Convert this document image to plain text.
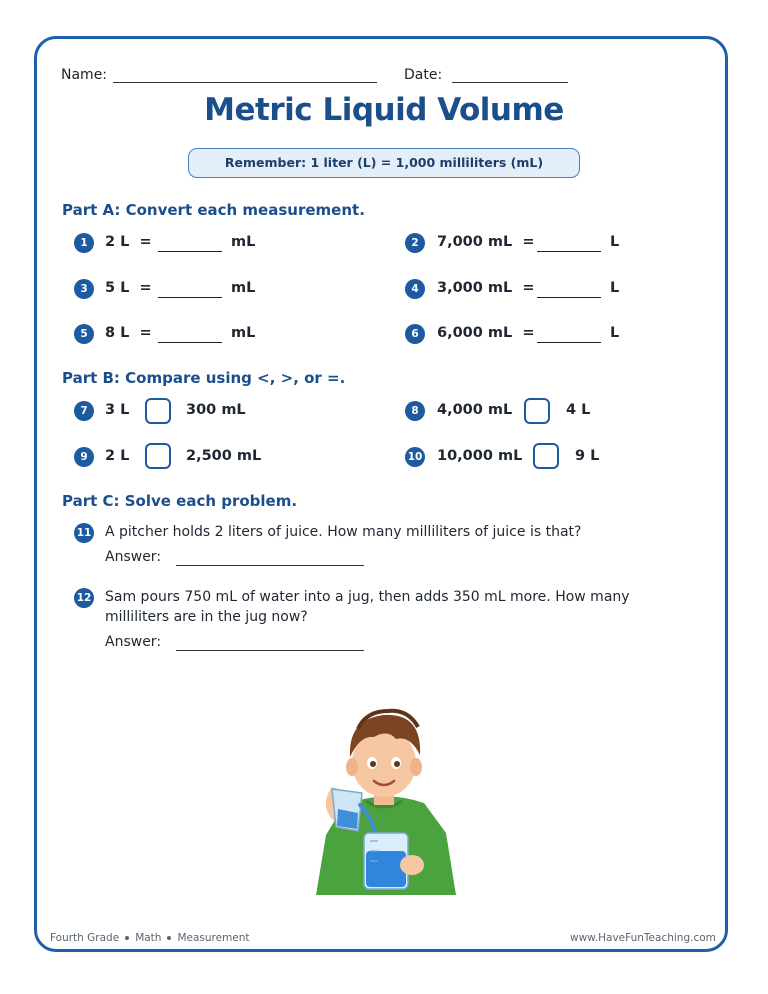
Name:	Date:
Metric Liquid Volume
Remember: 1 liter (L) = 1,000 milliliters (mL)
Part A: Convert each measurement.
1	2 L  =	mL	2	7,000 mL  =	L
3	5 L  =	mL	4	3,000 mL  =	L
5	8 L  =	mL	6	6,000 mL  =	L
Part B: Compare using <, >, or =.
7	3 L	300 mL	8	4,000 mL	4 L
9	2 L	2,500 mL	10 10,000 mL	9 L
Part C: Solve each problem.
11 A pitcher holds 2 liters of juice. How many milliliters of juice is that?
Answer:
12 Sam pours 750 mL of water into a jug, then adds 350 mL more. How many
milliliters are in the jug now?
Answer:
Fourth Grade Math Measurement	www.HaveFunTeaching.com
